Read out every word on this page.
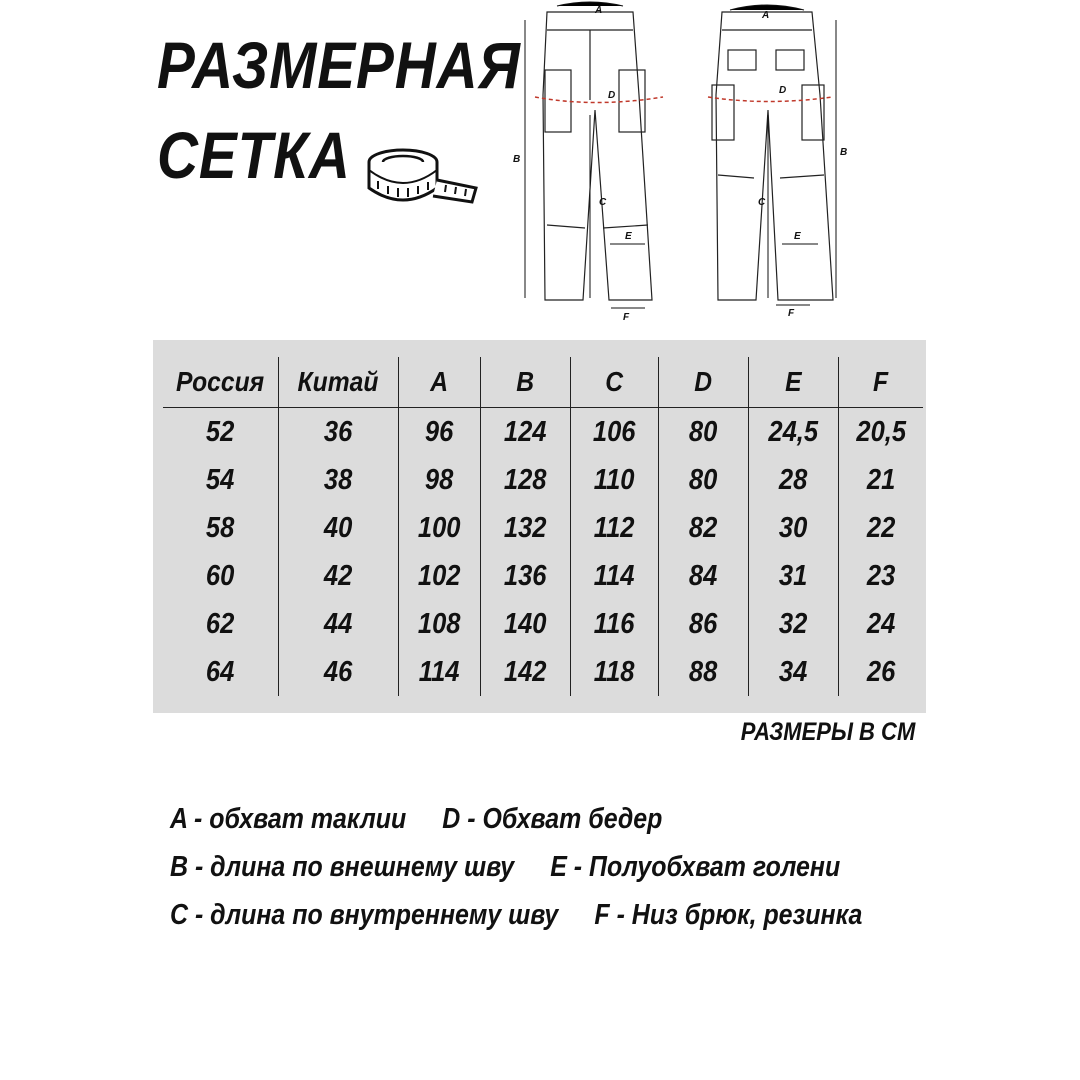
РАЗМЕРНАЯ
СЕТКА
A
B
C
D
E
F
A
B
C
D
E
F
Россия	Китай	A	B	C	D	E	F
52	36	96	124	106	80	24,5	20,5
54	38	98	128	110	80	28	21
58	40	100	132	112	82	30	22
60	42	102	136	114	84	31	23
62	44	108	140	116	86	32	24
64	46	114	142	118	88	34	26
РАЗМЕРЫ В СМ
A - обхват таклии D - Обхват бедер
B - длина по внешнему шву E - Полуобхват голени
C - длина по внутреннему шву F - Низ брюк, резинка
